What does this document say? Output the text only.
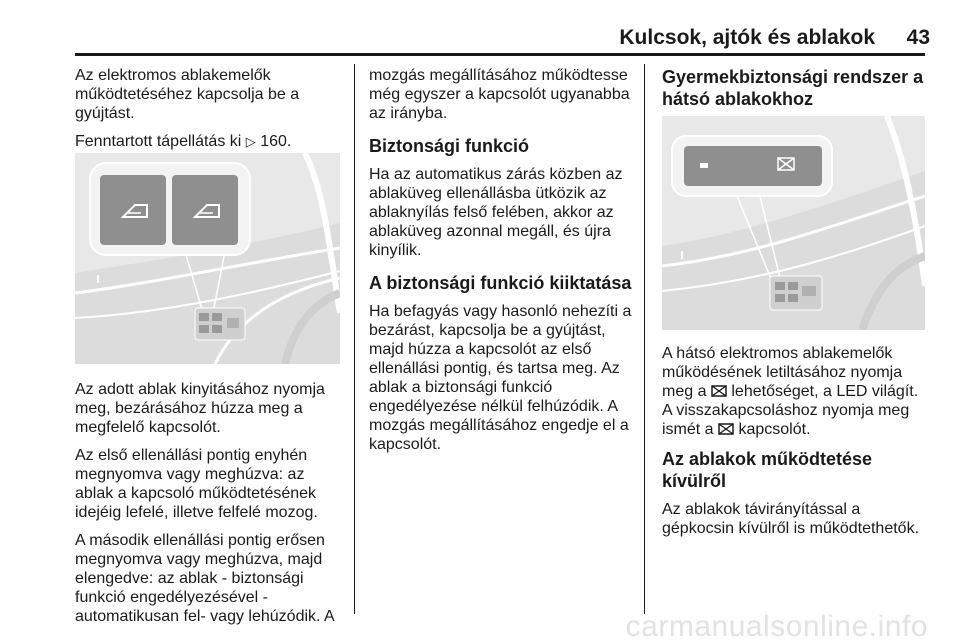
Kulcsok, ajtók és ablakok	43

Az elektromos ablakemelők működtetéséhez kapcsolja be a gyújtást.

Fenntartott tápellátás ki ▷ 160.

Az adott ablak kinyitásához nyomja meg, bezárásához húzza meg a megfelelő kapcsolót.

Az első ellenállási pontig enyhén megnyomva vagy meghúzva: az ablak a kapcsoló működtetésének idejéig lefelé, illetve felfelé mozog.

A második ellenállási pontig erősen megnyomva vagy meghúzva, majd elengedve: az ablak - biztonsági funkció engedélyezésével - automatikusan fel- vagy lehúzódik. A

mozgás megállításához működtesse még egyszer a kapcsolót ugyanabba az irányba.

Biztonsági funkció

Ha az automatikus zárás közben az ablaküveg ellenállásba ütközik az ablaknyílás felső felében, akkor az ablaküveg azonnal megáll, és újra kinyílik.

A biztonsági funkció kiiktatása

Ha befagyás vagy hasonló nehezíti a bezárást, kapcsolja be a gyújtást, majd húzza a kapcsolót az első ellenállási pontig, és tartsa meg. Az ablak a biztonsági funkció engedélyezése nélkül felhúzódik. A mozgás megállításához engedje el a kapcsolót.

Gyermekbiztonsági rendszer a hátsó ablakokhoz

A hátsó elektromos ablakemelők működésének letiltásához nyomja meg a lehetőséget, a LED világít. A visszakapcsoláshoz nyomja meg ismét a kapcsolót.

Az ablakok működtetése kívülről

Az ablakok távirányítással a gépkocsin kívülről is működtethetők.

carmanualsonline.info
